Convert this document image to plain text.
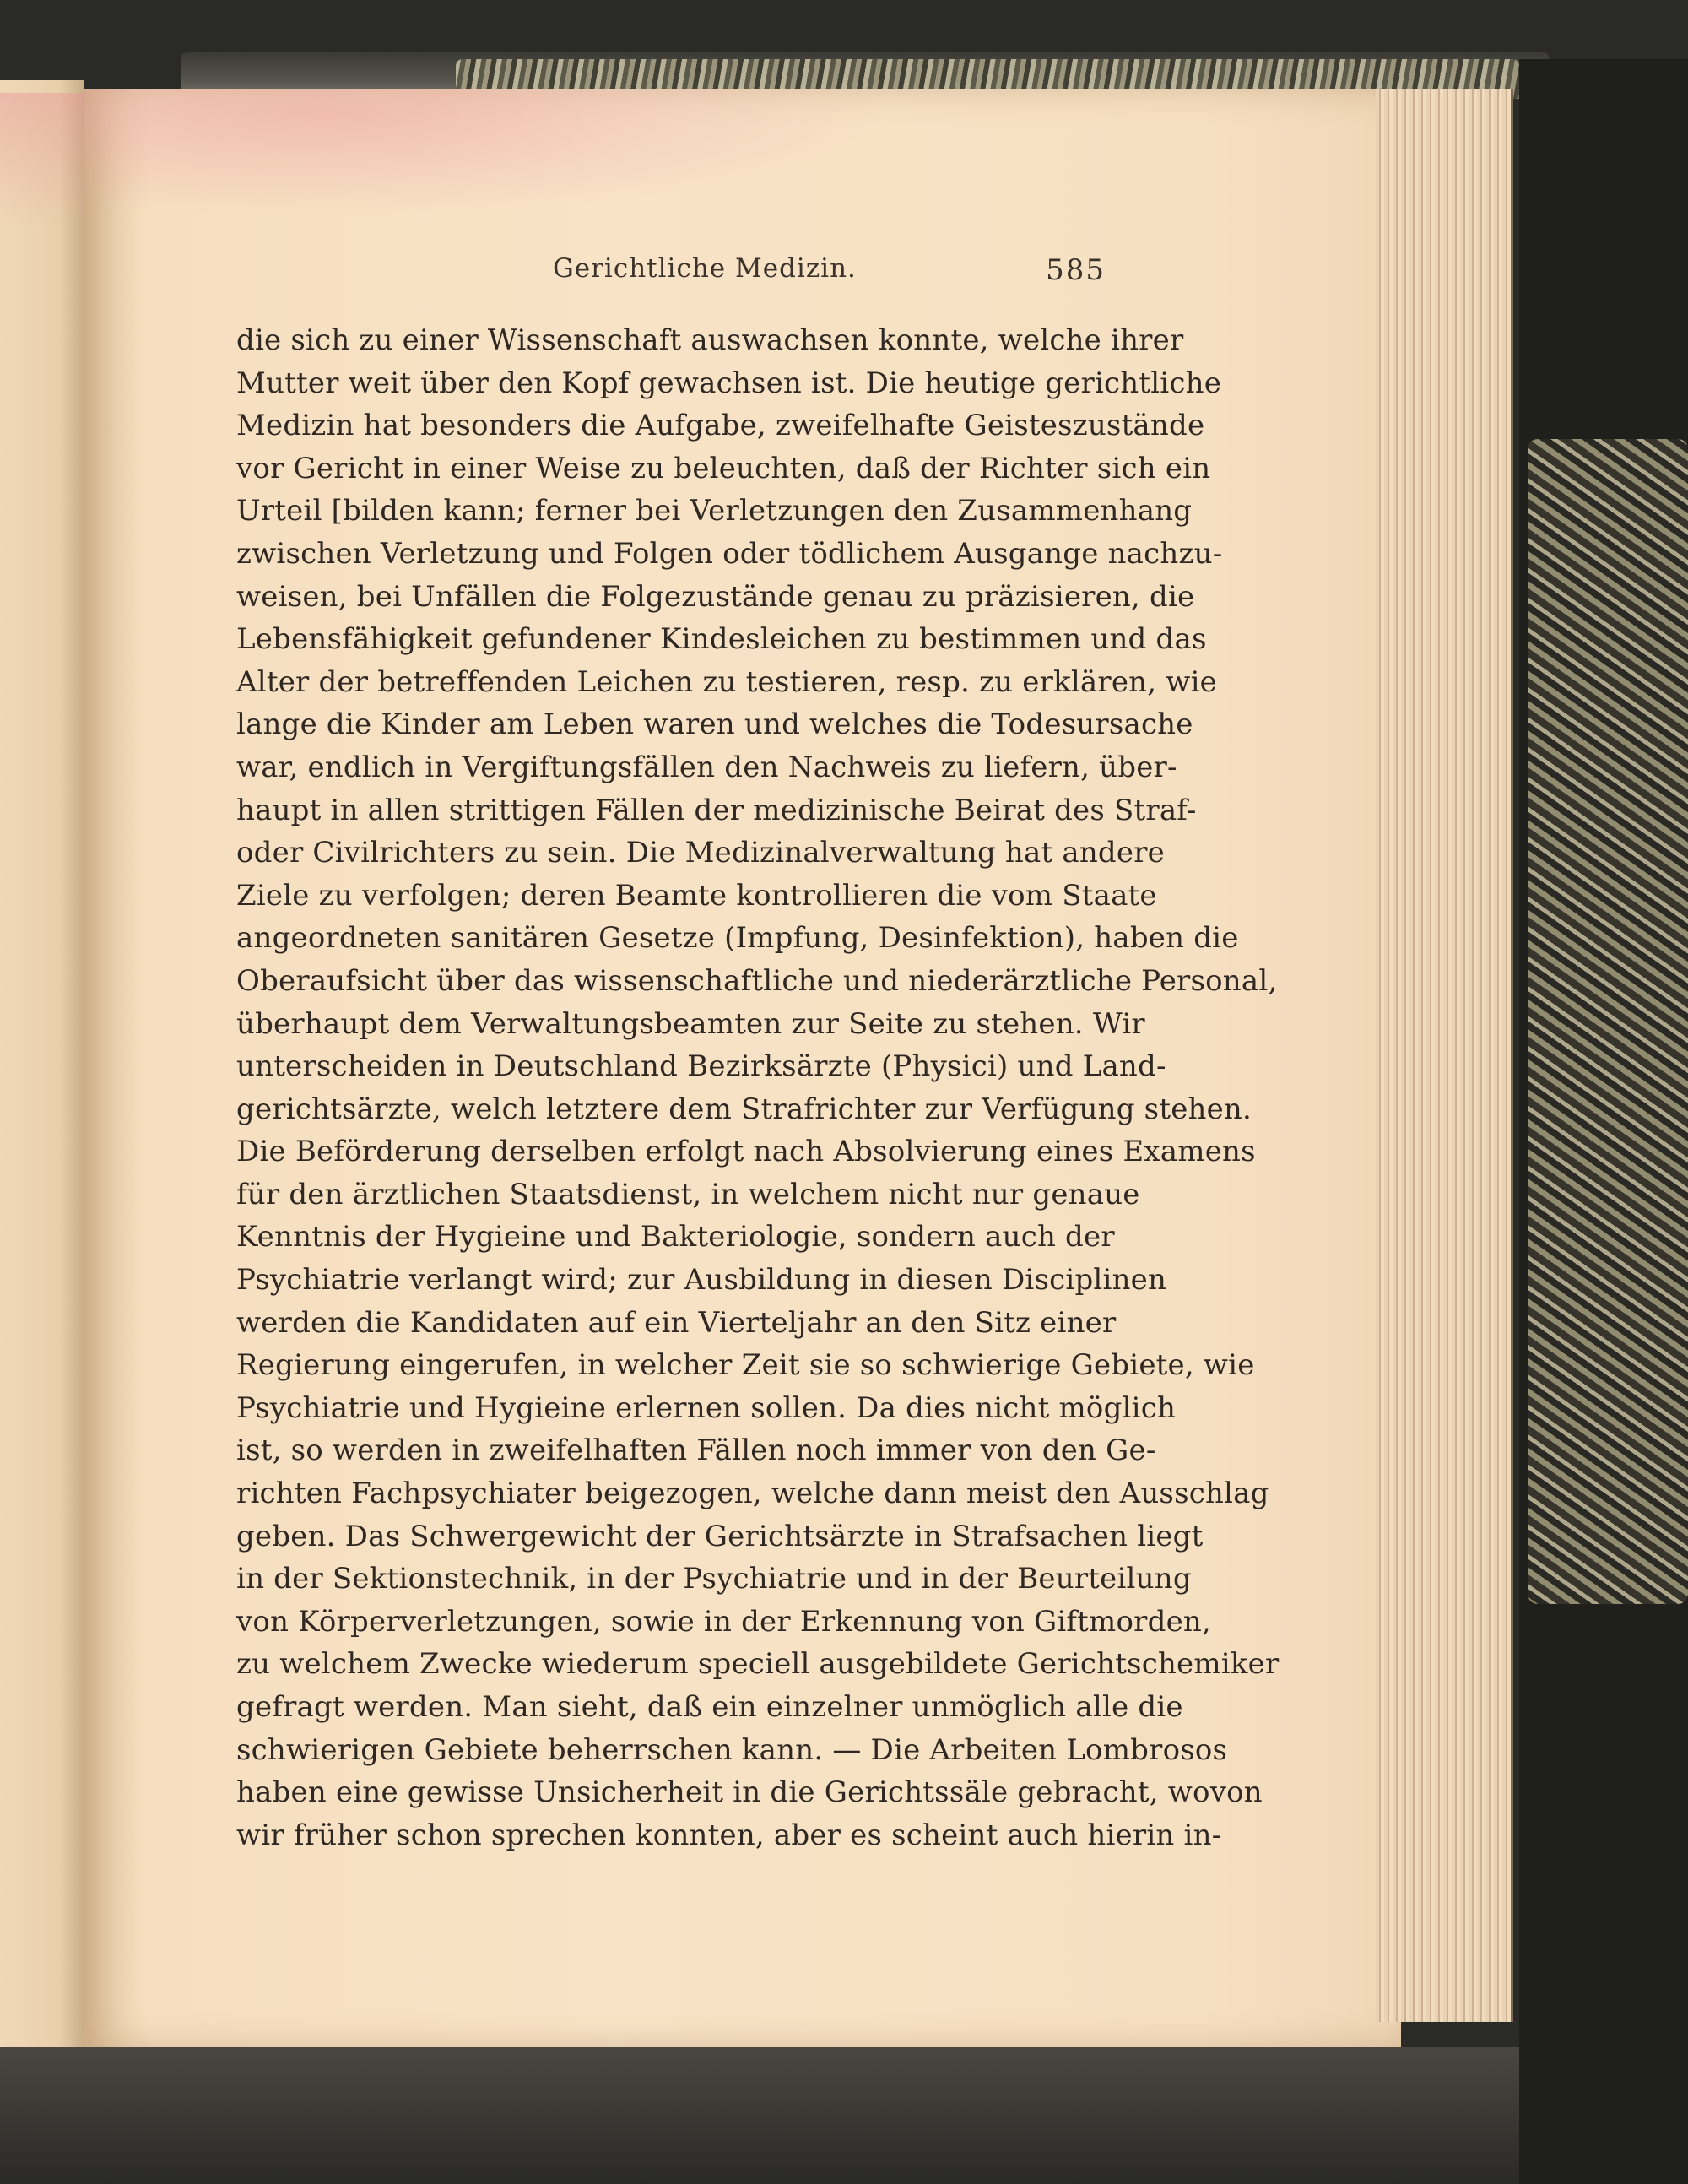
Gerichtliche Medizin.	585
die sich zu einer Wissenschaft auswachsen konnte, welche ihrer
Mutter weit über den Kopf gewachsen ist. Die heutige gerichtliche
Medizin hat besonders die Aufgabe, zweifelhafte Geisteszustände
vor Gericht in einer Weise zu beleuchten, daß der Richter sich ein
Urteil [bilden kann; ferner bei Verletzungen den Zusammenhang
zwischen Verletzung und Folgen oder tödlichem Ausgange nachzu-
weisen, bei Unfällen die Folgezustände genau zu präzisieren, die
Lebensfähigkeit gefundener Kindesleichen zu bestimmen und das
Alter der betreffenden Leichen zu testieren, resp. zu erklären, wie
lange die Kinder am Leben waren und welches die Todesursache
war, endlich in Vergiftungsfällen den Nachweis zu liefern, über-
haupt in allen strittigen Fällen der medizinische Beirat des Straf-
oder Civilrichters zu sein. Die Medizinalverwaltung hat andere
Ziele zu verfolgen; deren Beamte kontrollieren die vom Staate
angeordneten sanitären Gesetze (Impfung, Desinfektion), haben die
Oberaufsicht über das wissenschaftliche und niederärztliche Personal,
überhaupt dem Verwaltungsbeamten zur Seite zu stehen. Wir
unterscheiden in Deutschland Bezirksärzte (Physici) und Land-
gerichtsärzte, welch letztere dem Strafrichter zur Verfügung stehen.
Die Beförderung derselben erfolgt nach Absolvierung eines Examens
für den ärztlichen Staatsdienst, in welchem nicht nur genaue
Kenntnis der Hygieine und Bakteriologie, sondern auch der
Psychiatrie verlangt wird; zur Ausbildung in diesen Disciplinen
werden die Kandidaten auf ein Vierteljahr an den Sitz einer
Regierung eingerufen, in welcher Zeit sie so schwierige Gebiete, wie
Psychiatrie und Hygieine erlernen sollen. Da dies nicht möglich
ist, so werden in zweifelhaften Fällen noch immer von den Ge-
richten Fachpsychiater beigezogen, welche dann meist den Ausschlag
geben. Das Schwergewicht der Gerichtsärzte in Strafsachen liegt
in der Sektionstechnik, in der Psychiatrie und in der Beurteilung
von Körperverletzungen, sowie in der Erkennung von Giftmorden,
zu welchem Zwecke wiederum speciell ausgebildete Gerichtschemiker
gefragt werden. Man sieht, daß ein einzelner unmöglich alle die
schwierigen Gebiete beherrschen kann. — Die Arbeiten Lombrosos
haben eine gewisse Unsicherheit in die Gerichtssäle gebracht, wovon
wir früher schon sprechen konnten, aber es scheint auch hierin in-
